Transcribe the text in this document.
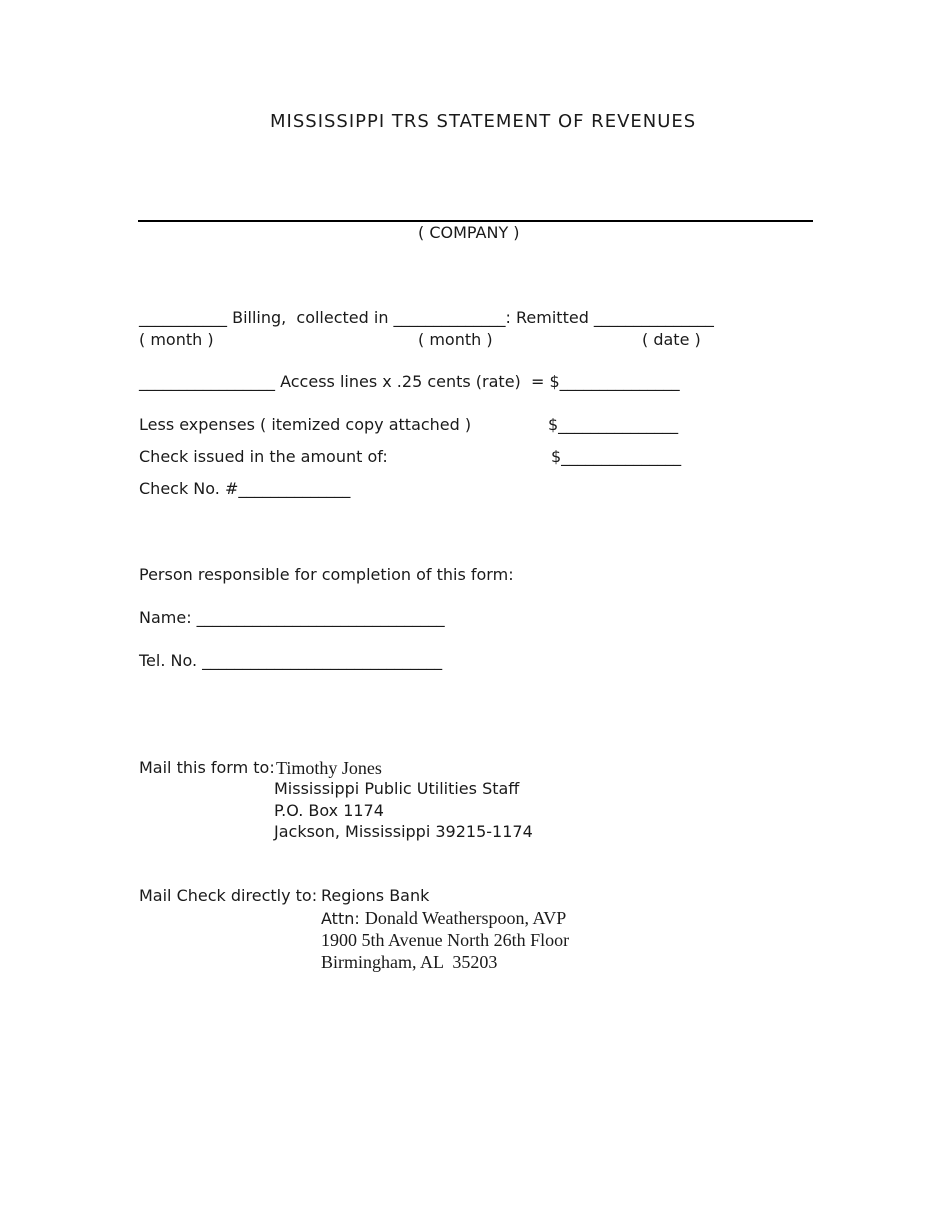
MISSISSIPPI TRS STATEMENT OF REVENUES
( COMPANY )
___________ Billing,  collected in ______________: Remitted _______________
( month )	( month )	( date )
_________________ Access lines x .25 cents (rate)  = $_______________
Less expenses ( itemized copy attached )	$_______________
Check issued in the amount of:	$_______________
Check No. #______________
Person responsible for completion of this form:
Name: _______________________________
Tel. No. ______________________________
Mail this form to: Timothy Jones
Mississippi Public Utilities Staff
P.O. Box 1174
Jackson, Mississippi 39215-1174
Mail Check directly to: Regions Bank
Attn: Donald Weatherspoon, AVP
1900 5th Avenue North 26th Floor
Birmingham, AL  35203
